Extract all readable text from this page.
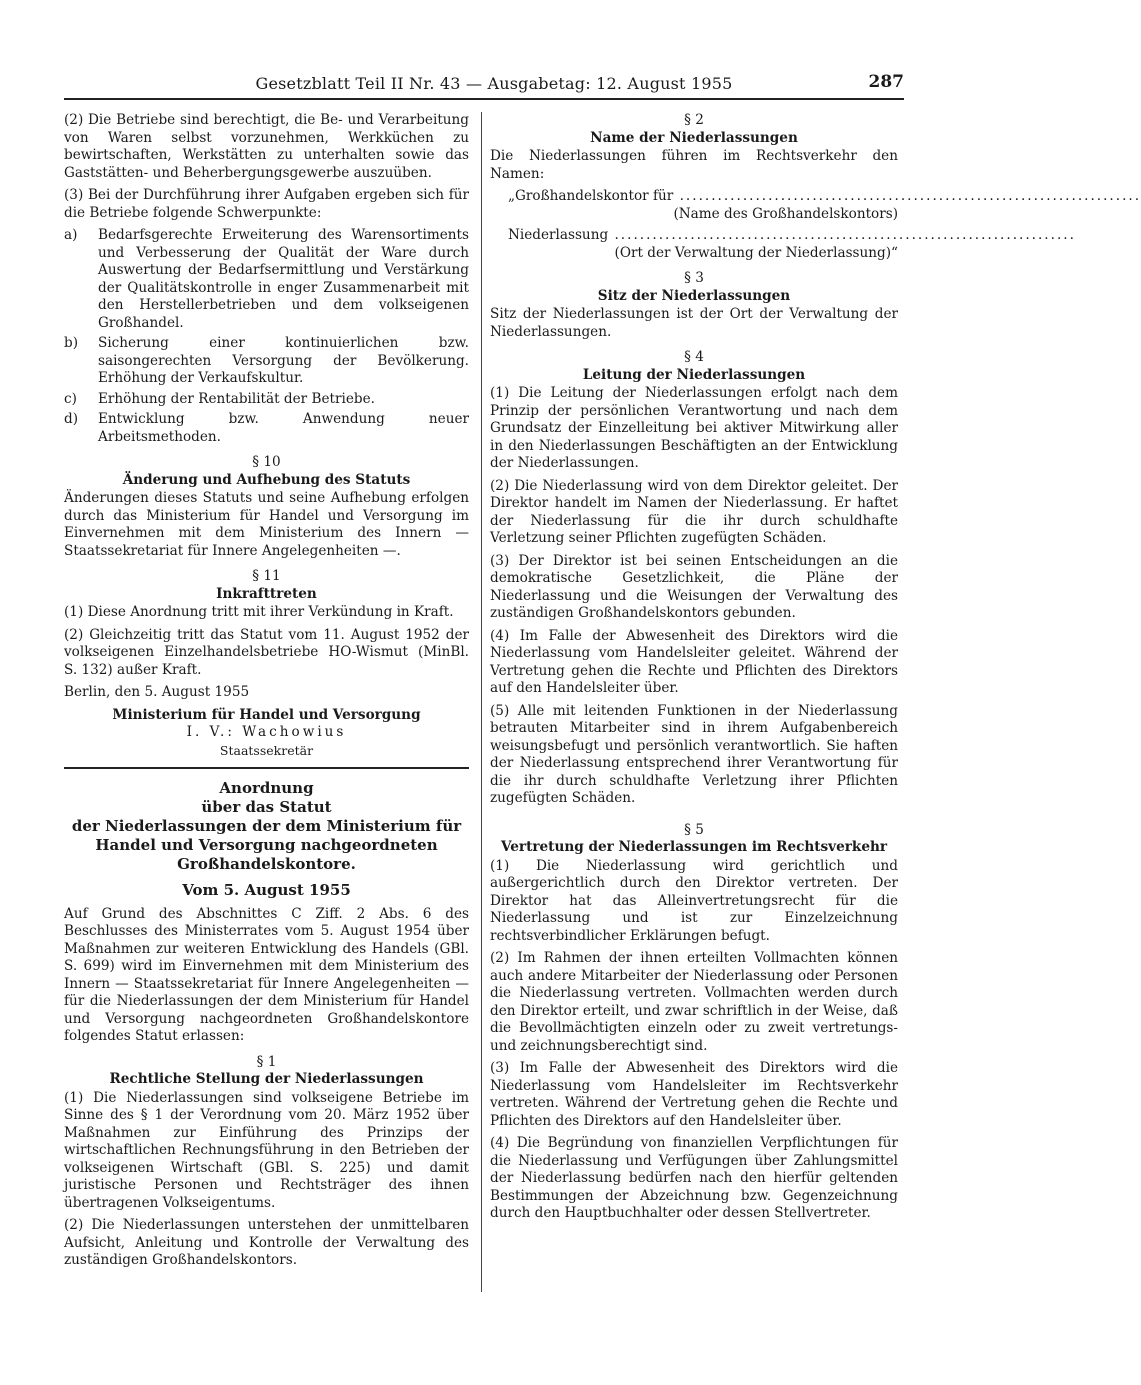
Gesetzblatt Teil II Nr. 43 — Ausgabetag: 12. August 1955	287

(2) Die Betriebe sind berechtigt, die Be- und Verarbeitung von Waren selbst vorzunehmen, Werkküchen zu bewirtschaften, Werkstätten zu unterhalten sowie das Gaststätten- und Beherbergungsgewerbe auszuüben.

(3) Bei der Durchführung ihrer Aufgaben ergeben sich für die Betriebe folgende Schwerpunkte:

a)	Bedarfsgerechte Erweiterung des Warensortiments und Verbesserung der Qualität der Ware durch Auswertung der Bedarfsermittlung und Verstärkung der Qualitätskontrolle in enger Zusammenarbeit mit den Herstellerbetrieben und dem volkseigenen Großhandel.
b)	Sicherung einer kontinuierlichen bzw. saisongerechten Versorgung der Bevölkerung. Erhöhung der Verkaufskultur.
c)	Erhöhung der Rentabilität der Betriebe.
d)	Entwicklung bzw. Anwendung neuer Arbeitsmethoden.
§ 10
Änderung und Aufhebung des Statuts

Änderungen dieses Statuts und seine Aufhebung erfolgen durch das Ministerium für Handel und Versorgung im Einvernehmen mit dem Ministerium des Innern — Staatssekretariat für Innere Angelegenheiten —.

§ 11
Inkrafttreten

(1) Diese Anordnung tritt mit ihrer Verkündung in Kraft.

(2) Gleichzeitig tritt das Statut vom 11. August 1952 der volkseigenen Einzelhandelsbetriebe HO-Wismut (MinBl. S. 132) außer Kraft.

Berlin, den 5. August 1955

Ministerium für Handel und Versorgung
I. V.: Wachowius
Staatssekretär
Anordnung
über das Statut
der Niederlassungen der dem Ministerium für
Handel und Versorgung nachgeordneten
Großhandelskontore.
Vom 5. August 1955

Auf Grund des Abschnittes C Ziff. 2 Abs. 6 des Beschlusses des Ministerrates vom 5. August 1954 über Maßnahmen zur weiteren Entwicklung des Handels (GBl. S. 699) wird im Einvernehmen mit dem Ministerium des Innern — Staatssekretariat für Innere Angelegenheiten — für die Niederlassungen der dem Ministerium für Handel und Versorgung nachgeordneten Großhandelskontore folgendes Statut erlassen:

§ 1
Rechtliche Stellung der Niederlassungen

(1) Die Niederlassungen sind volkseigene Betriebe im Sinne des § 1 der Verordnung vom 20. März 1952 über Maßnahmen zur Einführung des Prinzips der wirtschaftlichen Rechnungsführung in den Betrieben der volkseigenen Wirtschaft (GBl. S. 225) und damit juristische Personen und Rechtsträger des ihnen übertragenen Volkseigentums.

(2) Die Niederlassungen unterstehen der unmittelbaren Aufsicht, Anleitung und Kontrolle der Verwaltung des zuständigen Großhandelskontors.

§ 2
Name der Niederlassungen

Die Niederlassungen führen im Rechtsverkehr den Namen:

„Großhandelskontor für .........................................................................
(Name des Großhandelskontors)
Niederlassung .........................................................................
(Ort der Verwaltung der Niederlassung)“
§ 3
Sitz der Niederlassungen

Sitz der Niederlassungen ist der Ort der Verwaltung der Niederlassungen.

§ 4
Leitung der Niederlassungen

(1) Die Leitung der Niederlassungen erfolgt nach dem Prinzip der persönlichen Verantwortung und nach dem Grundsatz der Einzelleitung bei aktiver Mitwirkung aller in den Niederlassungen Beschäftigten an der Entwicklung der Niederlassungen.

(2) Die Niederlassung wird von dem Direktor geleitet. Der Direktor handelt im Namen der Niederlassung. Er haftet der Niederlassung für die ihr durch schuldhafte Verletzung seiner Pflichten zugefügten Schäden.

(3) Der Direktor ist bei seinen Entscheidungen an die demokratische Gesetzlichkeit, die Pläne der Niederlassung und die Weisungen der Verwaltung des zuständigen Großhandelskontors gebunden.

(4) Im Falle der Abwesenheit des Direktors wird die Niederlassung vom Handelsleiter geleitet. Während der Vertretung gehen die Rechte und Pflichten des Direktors auf den Handelsleiter über.

(5) Alle mit leitenden Funktionen in der Niederlassung betrauten Mitarbeiter sind in ihrem Aufgabenbereich weisungsbefugt und persönlich verantwortlich. Sie haften der Niederlassung entsprechend ihrer Verantwortung für die ihr durch schuldhafte Verletzung ihrer Pflichten zugefügten Schäden.

§ 5
Vertretung der Niederlassungen im Rechtsverkehr

(1) Die Niederlassung wird gerichtlich und außergerichtlich durch den Direktor vertreten. Der Direktor hat das Alleinvertretungsrecht für die Niederlassung und ist zur Einzelzeichnung rechtsverbindlicher Erklärungen befugt.

(2) Im Rahmen der ihnen erteilten Vollmachten können auch andere Mitarbeiter der Niederlassung oder Personen die Niederlassung vertreten. Vollmachten werden durch den Direktor erteilt, und zwar schriftlich in der Weise, daß die Bevollmächtigten einzeln oder zu zweit vertretungs- und zeichnungsberechtigt sind.

(3) Im Falle der Abwesenheit des Direktors wird die Niederlassung vom Handelsleiter im Rechtsverkehr vertreten. Während der Vertretung gehen die Rechte und Pflichten des Direktors auf den Handelsleiter über.

(4) Die Begründung von finanziellen Verpflichtungen für die Niederlassung und Verfügungen über Zahlungsmittel der Niederlassung bedürfen nach den hierfür geltenden Bestimmungen der Abzeichnung bzw. Gegenzeichnung durch den Hauptbuchhalter oder dessen Stellvertreter.
